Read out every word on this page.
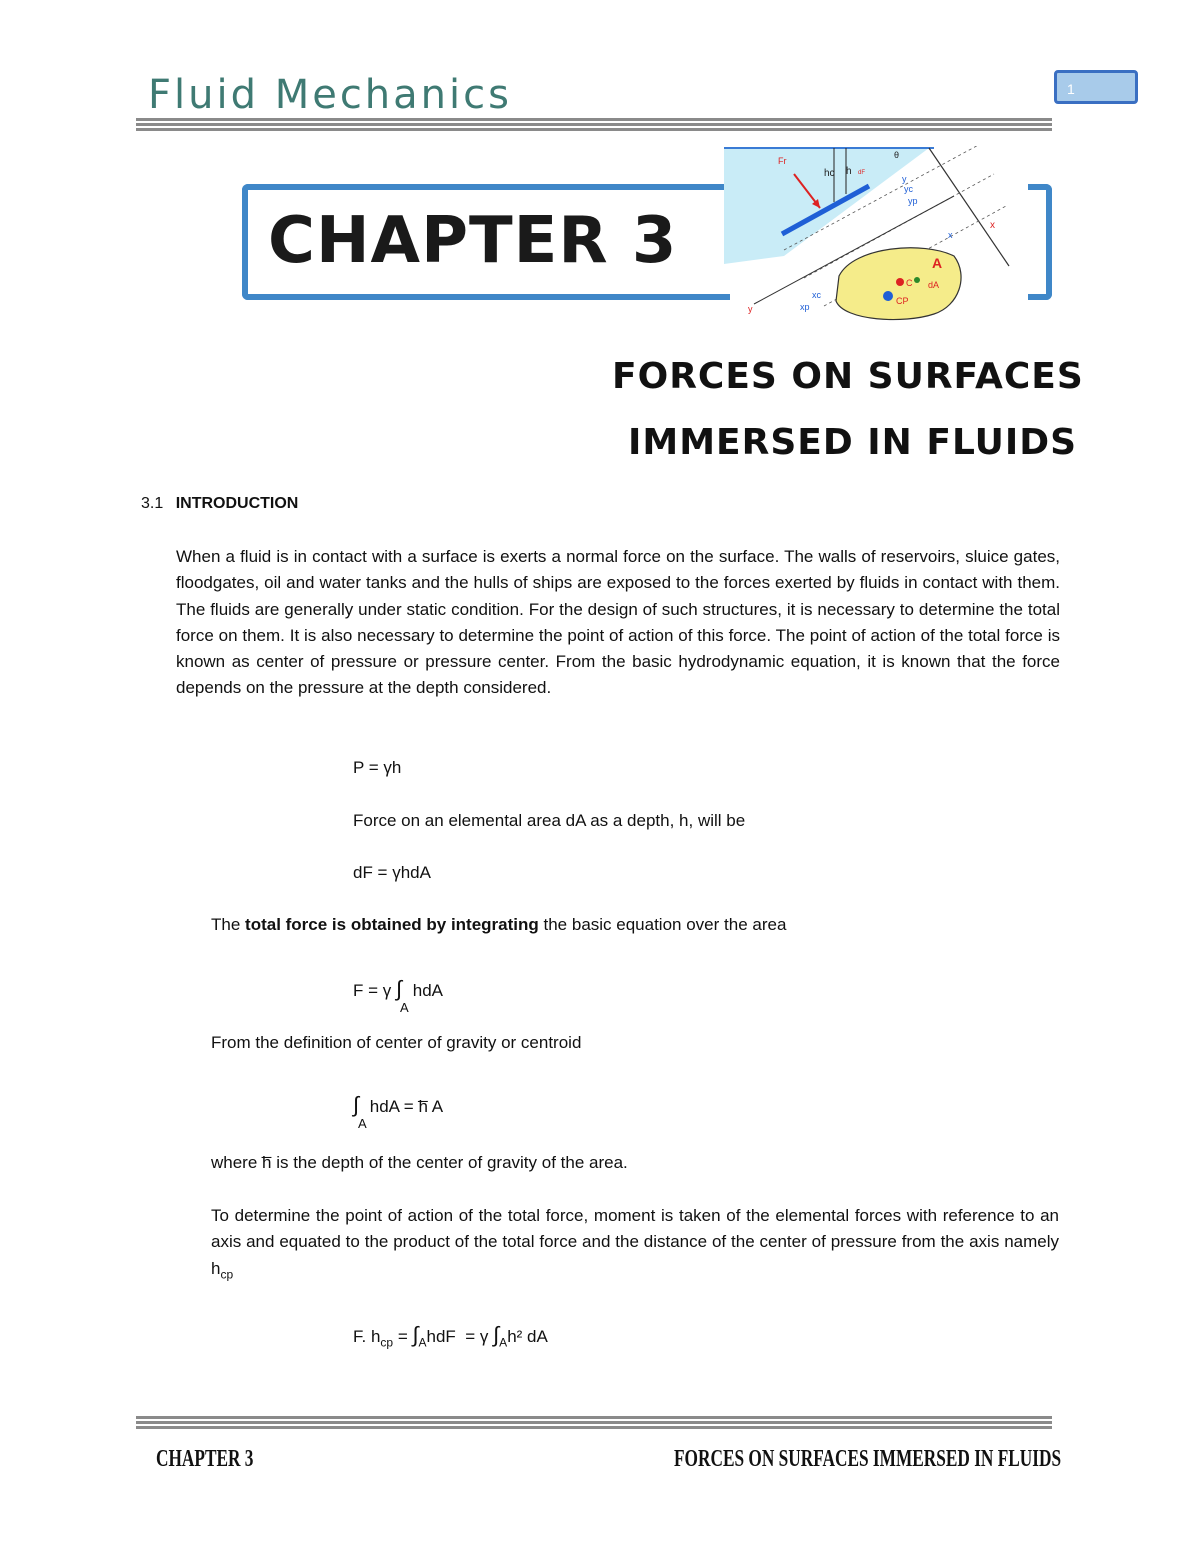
Fluid Mechanics	1
CHAPTER 3
Fr
hc h dF
θ
y
yc
yp
x
x
A
C dA
CP
y
xc
xp
FORCES ON SURFACES
IMMERSED IN FLUIDS
3.1 INTRODUCTION
When a fluid is in contact with a surface is exerts a normal force on the surface. The walls of reservoirs, sluice gates, floodgates, oil and water tanks and the hulls of ships are exposed to the forces exerted by fluids in contact with them. The fluids are generally under static condition. For the design of such structures, it is necessary to determine the total force on them. It is also necessary to determine the point of action of this force. The point of action of the total force is known as center of pressure or pressure center. From the basic hydrodynamic equation, it is known that the force depends on the pressure at the depth considered.
P = γh
Force on an elemental area dA as a depth, h, will be
dF = γhdA
The total force is obtained by integrating the basic equation over the area
F = γ ∫ hdA
A
From the definition of center of gravity or centroid
∫ hdA = h̅ A
A
where h̅ is the depth of the center of gravity of the area.
To determine the point of action of the total force, moment is taken of the elemental forces with reference to an axis and equated to the product of the total force and the distance of the center of pressure from the axis namely $h_{cp}$
F. $h_{cp} = \int_AhdF = \gamma$ $\int_Ah^2$ dA
CHAPTER 3	FORCES ON SURFACES IMMERSED IN FLUIDS
